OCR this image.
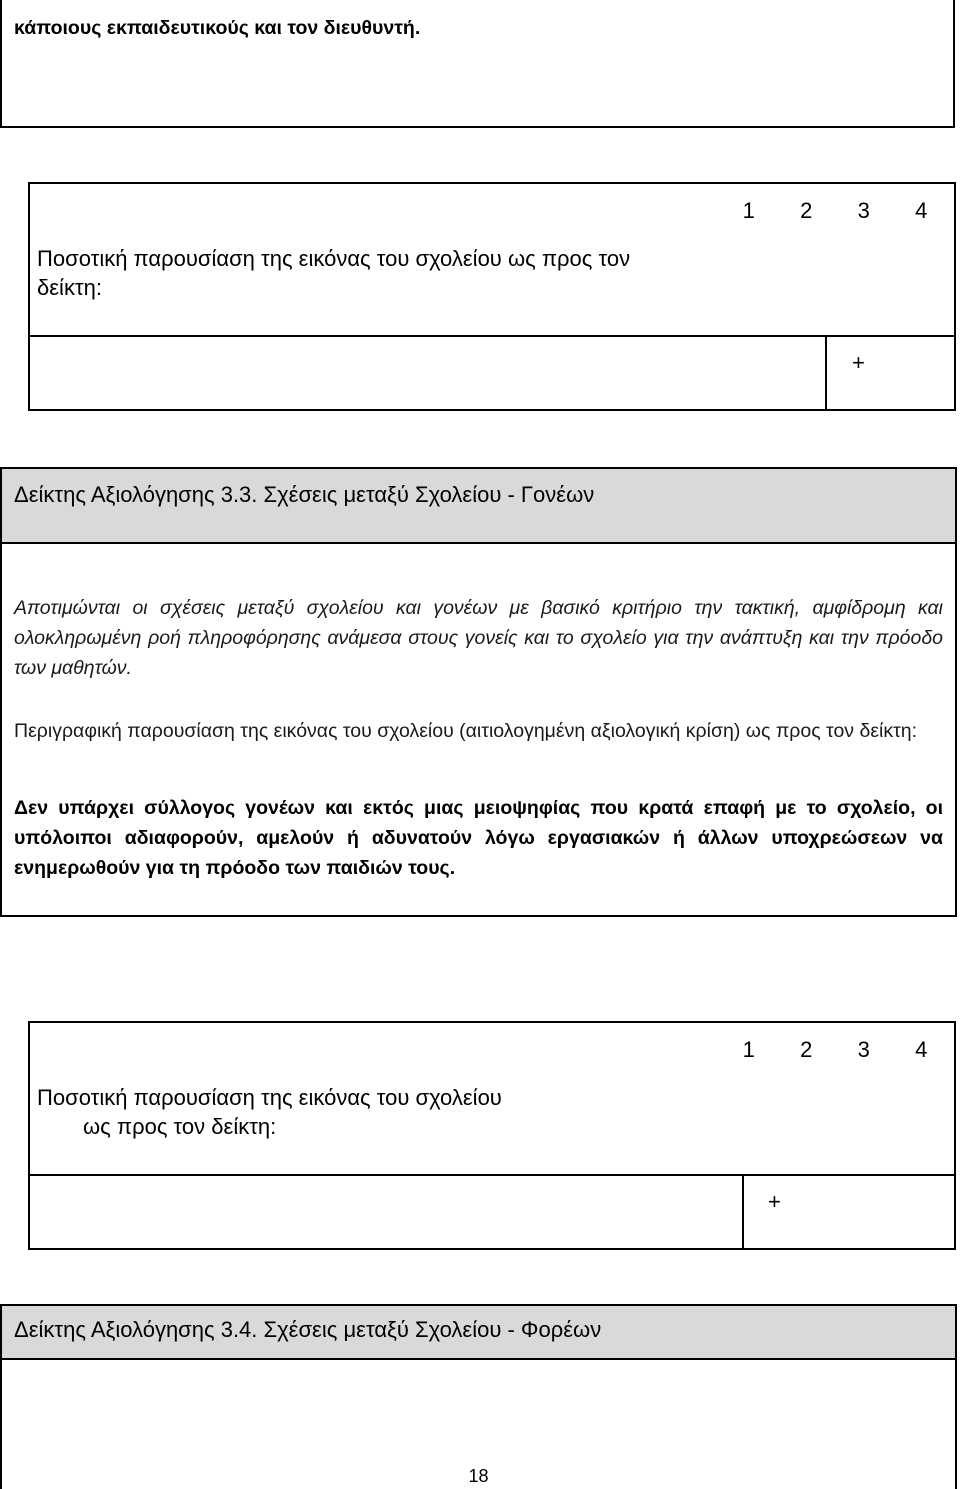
κάποιους εκπαιδευτικούς και τον διευθυντή.
1 2 3 4
Ποσοτική παρουσίαση της εικόνας του σχολείου ως προς τον δείκτη:
+
Δείκτης Αξιολόγησης 3.3. Σχέσεις μεταξύ Σχολείου - Γονέων
Αποτιμώνται οι σχέσεις μεταξύ σχολείου και γονέων με βασικό κριτήριο την τακτική, αμφίδρομη και ολοκληρωμένη ροή πληροφόρησης ανάμεσα στους γονείς και το σχολείο για την ανάπτυξη και την πρόοδο των μαθητών.
Περιγραφική παρουσίαση της εικόνας του σχολείου (αιτιολογημένη αξιολογική κρίση) ως προς τον δείκτη:
Δεν υπάρχει σύλλογος γονέων και εκτός μιας μειοψηφίας που κρατά επαφή με το σχολείο, οι υπόλοιποι αδιαφορούν, αμελούν ή αδυνατούν λόγω εργασιακών ή άλλων υποχρεώσεων να ενημερωθούν για τη πρόοδο των παιδιών τους.
1 2 3 4
Ποσοτική παρουσίαση της εικόνας του σχολείου
ως προς τον δείκτη:
+
Δείκτης Αξιολόγησης 3.4. Σχέσεις μεταξύ Σχολείου - Φορέων
18
